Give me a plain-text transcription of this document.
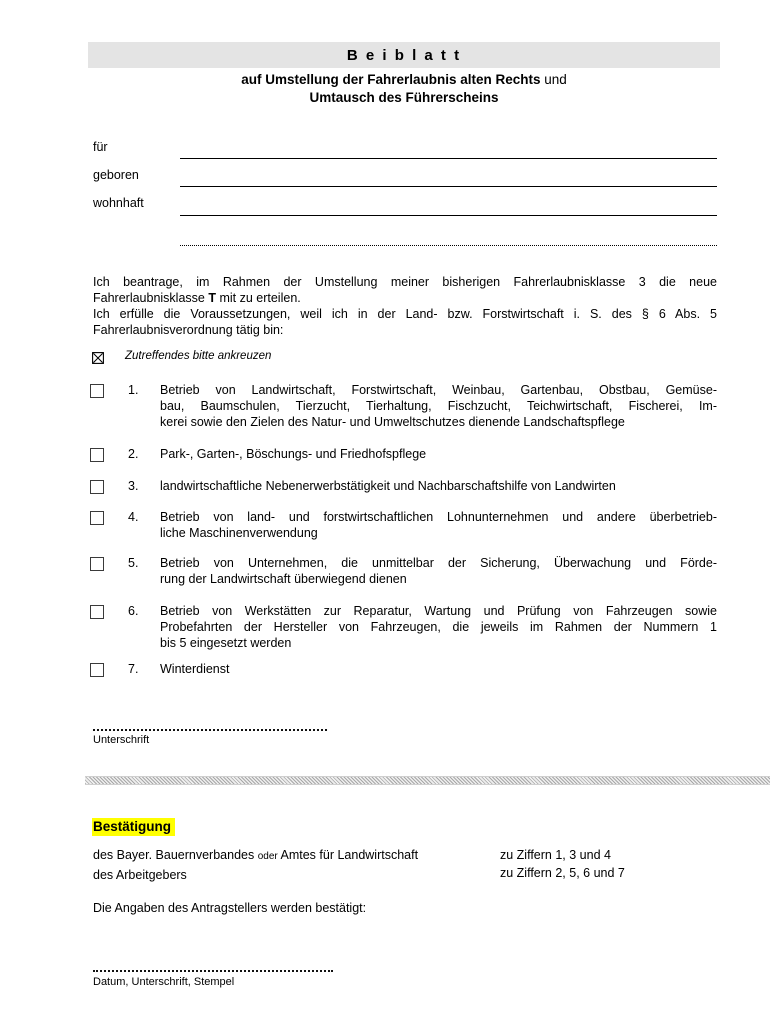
B e i b l a t t
auf Umstellung der Fahrerlaubnis alten Rechts und
Umtausch des Führerscheins
für
geboren
wohnhaft
Ich beantrage, im Rahmen der Umstellung meiner bisherigen Fahrerlaubnisklasse 3 die neue
Fahrerlaubnisklasse T mit zu erteilen.
Ich erfülle die Voraussetzungen, weil ich in der Land- bzw. Forstwirtschaft i. S. des § 6 Abs. 5
Fahrerlaubnisverordnung tätig bin:
Zutreffendes bitte ankreuzen
1. Betrieb von Landwirtschaft, Forstwirtschaft, Weinbau, Gartenbau, Obstbau, Gemüse-
bau, Baumschulen, Tierzucht, Tierhaltung, Fischzucht, Teichwirtschaft, Fischerei, Im-
kerei sowie den Zielen des Natur- und Umweltschutzes dienende Landschaftspflege
2. Park-, Garten-, Böschungs- und Friedhofspflege
3. landwirtschaftliche Nebenerwerbstätigkeit und Nachbarschaftshilfe von Landwirten
4. Betrieb von land- und forstwirtschaftlichen Lohnunternehmen und andere überbetrieb-
liche Maschinenverwendung
5. Betrieb von Unternehmen, die unmittelbar der Sicherung, Überwachung und Förde-
rung der Landwirtschaft überwiegend dienen
6. Betrieb von Werkstätten zur Reparatur, Wartung und Prüfung von Fahrzeugen sowie
Probefahrten der Hersteller von Fahrzeugen, die jeweils im Rahmen der Nummern 1
bis 5 eingesetzt werden
7. Winterdienst
Unterschrift
Bestätigung
des Bayer. Bauernverbandes oder Amtes für Landwirtschaft
des Arbeitgebers
zu Ziffern 1, 3 und 4
zu Ziffern 2, 5, 6 und 7
Die Angaben des Antragstellers werden bestätigt:
Datum, Unterschrift, Stempel
